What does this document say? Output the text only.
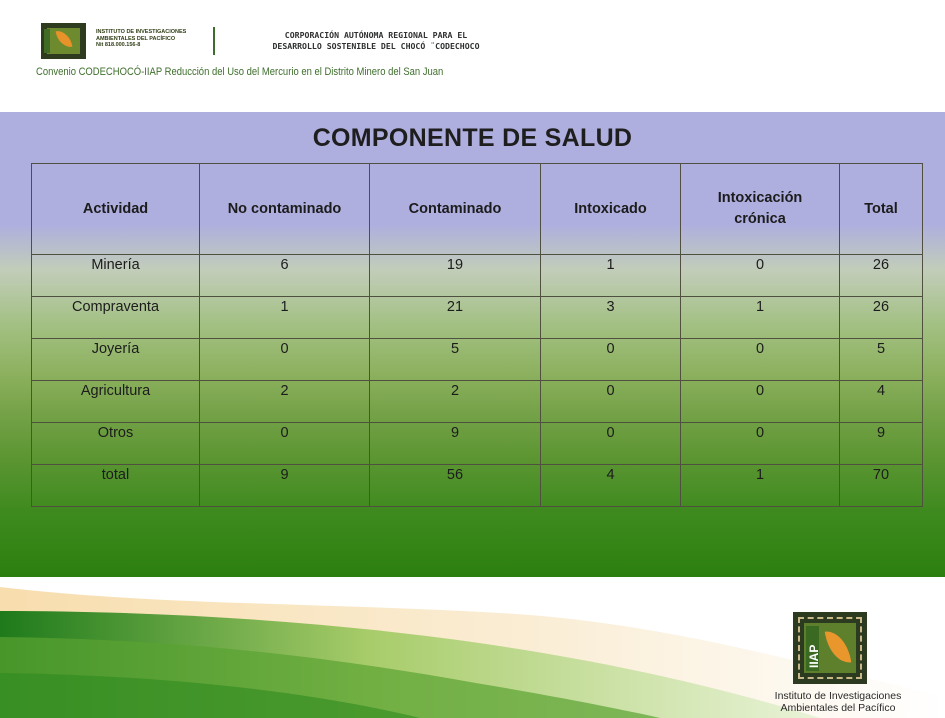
INSTITUTO DE INVESTIGACIONES
AMBIENTALES DEL PACÍFICO
Nit 818.000.156-8
CORPORACIÓN AUTÓNOMA REGIONAL PARA EL
DESARROLLO SOSTENIBLE DEL CHOCÓ ¨CODECHOCO
Convenio CODECHOCÓ-IIAP Reducción del Uso del Mercurio en el Distrito Minero del San Juan
COMPONENTE DE SALUD
Actividad	No contaminado	Contaminado	Intoxicado	Intoxicación crónica	Total
Minería	6	19	1	0	26
Compraventa	1	21	3	1	26
Joyería	0	5	0	0	5
Agricultura	2	2	0	0	4
Otros	0	9	0	0	9
total	9	56	4	1	70
IIAP
Instituto de Investigaciones
Ambientales del Pacífico
